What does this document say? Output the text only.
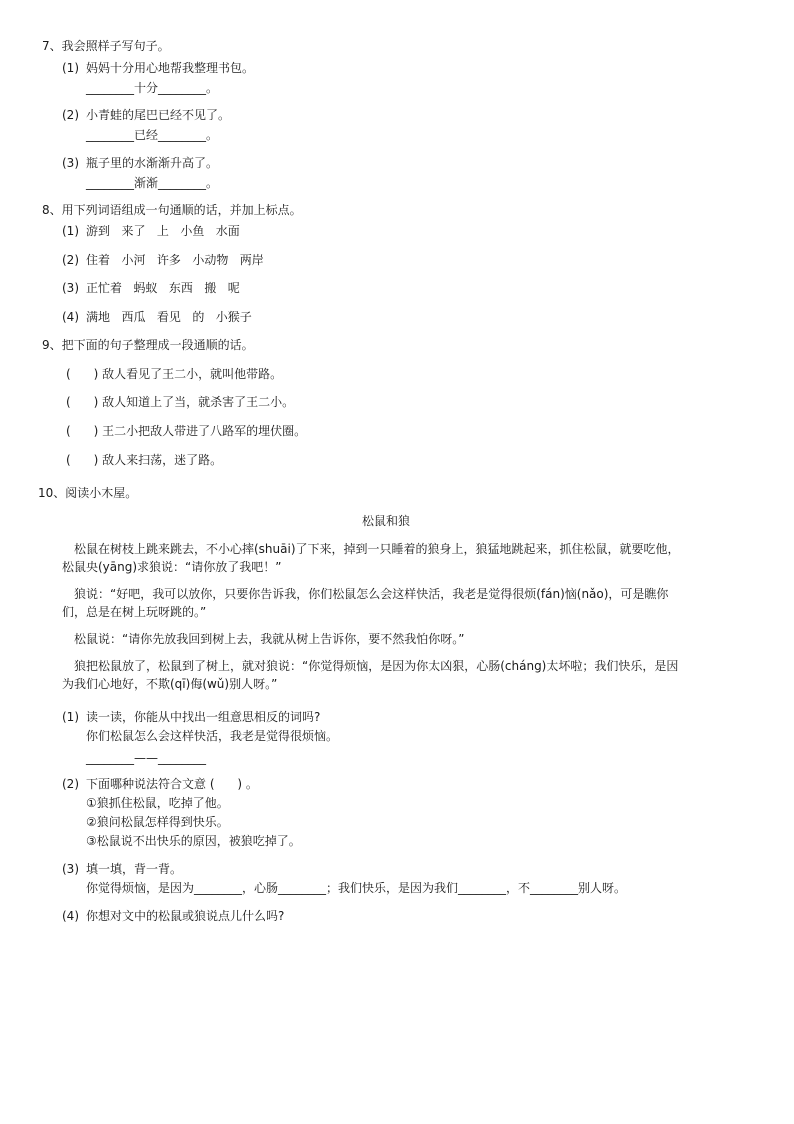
7、我会照样子写句子。
(1) 妈妈十分用心地帮我整理书包。
________十分________。
(2) 小青蛙的尾巴已经不见了。
________已经________。
(3) 瓶子里的水渐渐升高了。
________渐渐________。
8、用下列词语组成一句通顺的话，并加上标点。
(1) 游到   来了   上   小鱼   水面
(2) 住着   小河   许多   小动物   两岸
(3) 正忙着   蚂蚁   东西   搬   呢
(4) 满地   西瓜   看见   的   小猴子
9、把下面的句子整理成一段通顺的话。
(      ) 敌人看见了王二小，就叫他带路。
(      ) 敌人知道上了当，就杀害了王二小。
(      ) 王二小把敌人带进了八路军的埋伏圈。
(      ) 敌人来扫荡，迷了路。
10、阅读小木屋。
松鼠和狼
松鼠在树枝上跳来跳去，不小心摔(shuāi)了下来，掉到一只睡着的狼身上，狼猛地跳起来，抓住松鼠，就要吃他，
松鼠央(yāng)求狼说：“请你放了我吧！”
狼说：“好吧，我可以放你，只要你告诉我，你们松鼠怎么会这样快活，我老是觉得很烦(fán)恼(nǎo)，可是瞧你
们，总是在树上玩呀跳的。”
松鼠说：“请你先放我回到树上去，我就从树上告诉你，要不然我怕你呀。”
狼把松鼠放了，松鼠到了树上，就对狼说：“你觉得烦恼，是因为你太凶狠，心肠(cháng)太坏啦；我们快乐，是因
为我们心地好，不欺(qī)侮(wǔ)别人呀。”
(1) 读一读，你能从中找出一组意思相反的词吗?
你们松鼠怎么会这样快活，我老是觉得很烦恼。
________——________
(2) 下面哪种说法符合文意 (      ) 。
①狼抓住松鼠，吃掉了他。
②狼问松鼠怎样得到快乐。
③松鼠说不出快乐的原因，被狼吃掉了。
(3) 填一填，背一背。
你觉得烦恼，是因为________，心肠________；我们快乐，是因为我们________，不________别人呀。
(4) 你想对文中的松鼠或狼说点儿什么吗?
